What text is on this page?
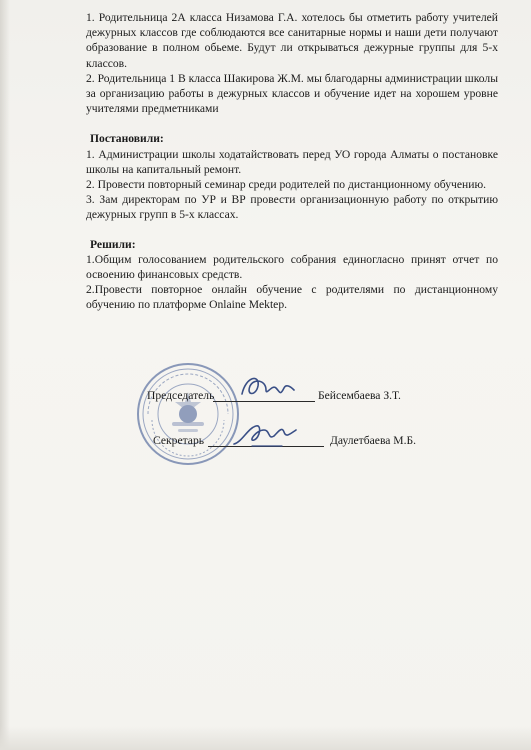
1. Родительница 2А класса Низамова Г.А. хотелось бы отметить работу учителей дежурных классов где соблюдаются все санитарные нормы и наши дети получают образование в полном обьеме. Будут ли открываться дежурные группы для 5-х классов.

2. Родительница 1 В класса Шакирова Ж.М. мы благодарны администрации школы за организацию работы в дежурных классов и обучение идет на хорошем уровне учителями предметниками

Постановили:

1. Администрации школы ходатайствовать перед УО города Алматы о постановке школы на капитальный ремонт.

2. Провести повторный семинар среди родителей по дистанционному обучению.

3. Зам директорам по УР и ВР провести организационную работу по открытию дежурных групп в 5-х классах.

Решили:

1.Общим голосованием родительского собрания единогласно принят отчет по освоению финансовых средств.

2.Провести повторное онлайн обучение с родителями по дистанционному обучению по платформе Onlaine Mektep.

Председатель	Бейсембаева З.Т.
Секретарь	Даулетбаева М.Б.
